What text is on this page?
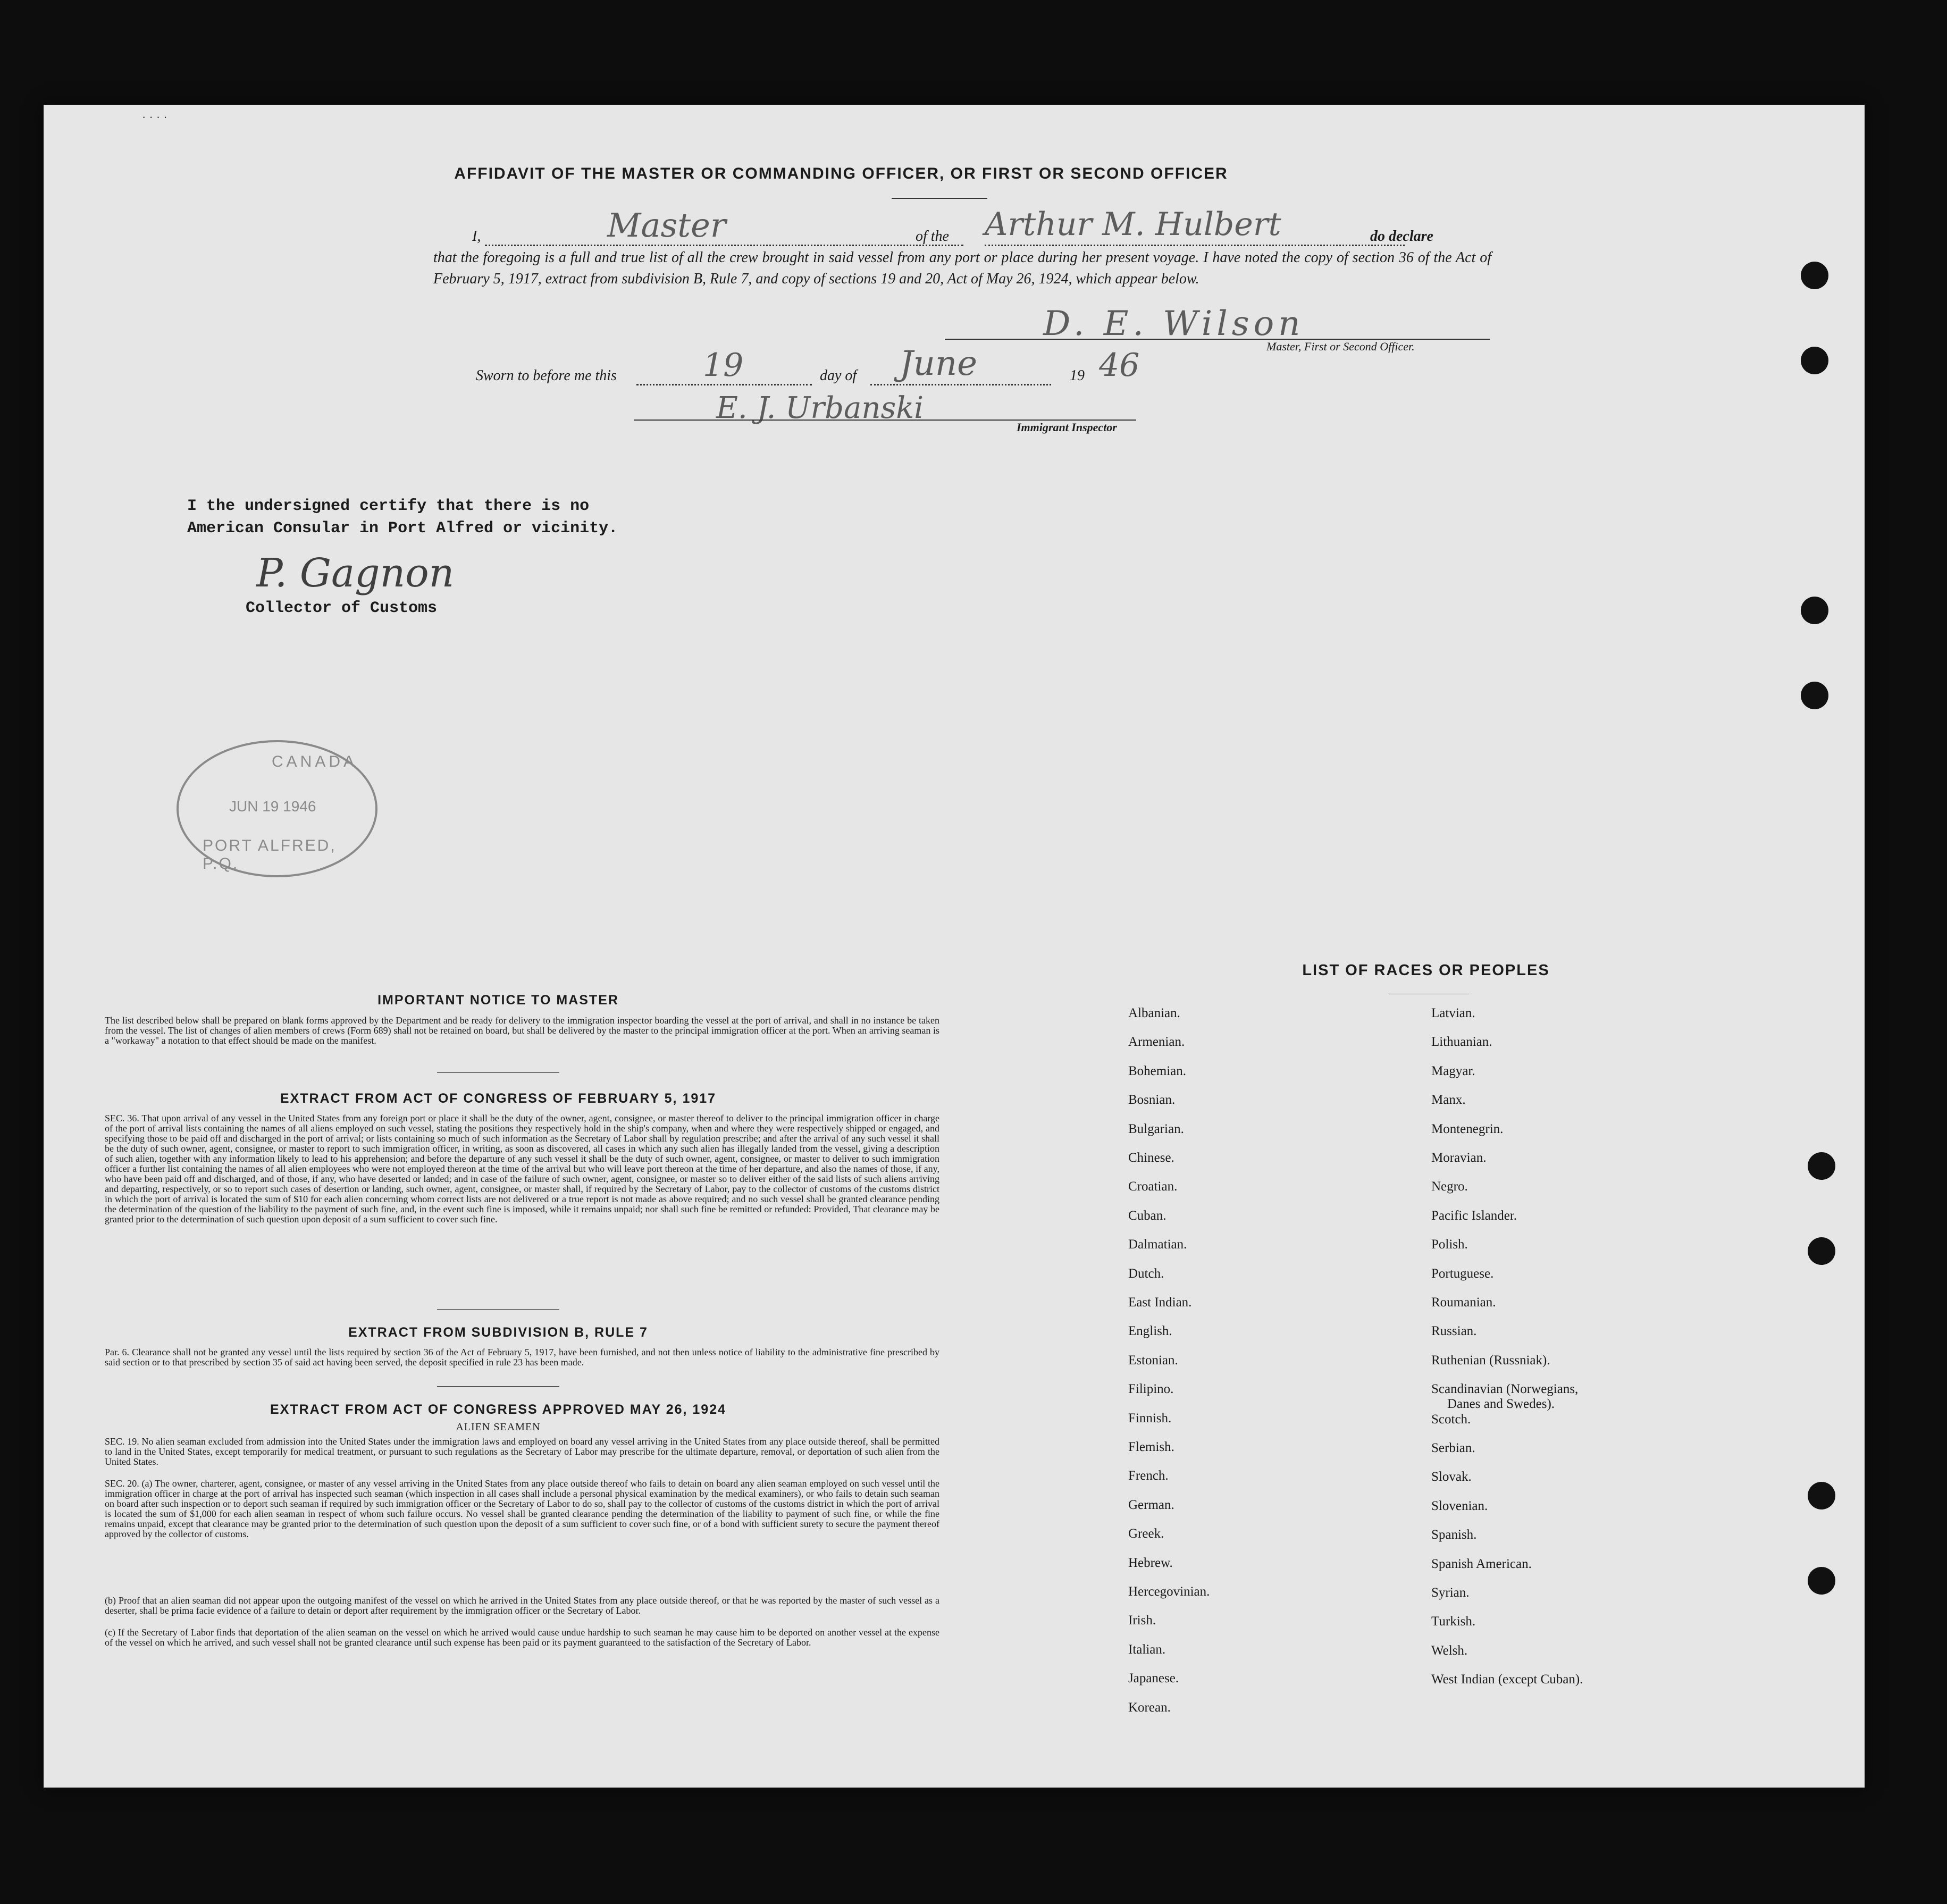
· · · ·
AFFIDAVIT OF THE MASTER OR COMMANDING OFFICER, OR FIRST OR SECOND OFFICER
I,	Master	of the Arthur M. Hulbert	do declare
that the foregoing is a full and true list of all the crew brought in said vessel from any port or place during her present voyage. I have noted the copy of section 36 of the Act of February 5, 1917, extract from subdivision B, Rule 7, and copy of sections 19 and 20, Act of May 26, 1924, which appear below.
D. E. Wilson
Master, First or Second Officer.
Sworn to before me this	19	day of June	19 46
E. J. Urbanski
Immigrant Inspector
I the undersigned certify that there is no
American Consular in Port Alfred or vicinity.
P. Gagnon
Collector of Customs
CANADA
JUN 19 1946
PORT ALFRED, P.Q.
IMPORTANT NOTICE TO MASTER
The list described below shall be prepared on blank forms approved by the Department and be ready for delivery to the immigration inspector boarding the vessel at the port of arrival, and shall in no instance be taken from the vessel. The list of changes of alien members of crews (Form 689) shall not be retained on board, but shall be delivered by the master to the principal immigration officer at the port. When an arriving seaman is a "workaway" a notation to that effect should be made on the manifest.
EXTRACT FROM ACT OF CONGRESS OF FEBRUARY 5, 1917
SEC. 36. That upon arrival of any vessel in the United States from any foreign port or place it shall be the duty of the owner, agent, consignee, or master thereof to deliver to the principal immigration officer in charge of the port of arrival lists containing the names of all aliens employed on such vessel, stating the positions they respectively hold in the ship's company, when and where they were respectively shipped or engaged, and specifying those to be paid off and discharged in the port of arrival; or lists containing so much of such information as the Secretary of Labor shall by regulation prescribe; and after the arrival of any such vessel it shall be the duty of such owner, agent, consignee, or master to report to such immigration officer, in writing, as soon as discovered, all cases in which any such alien has illegally landed from the vessel, giving a description of such alien, together with any information likely to lead to his apprehension; and before the departure of any such vessel it shall be the duty of such owner, agent, consignee, or master to deliver to such immigration officer a further list containing the names of all alien employees who were not employed thereon at the time of the arrival but who will leave port thereon at the time of her departure, and also the names of those, if any, who have been paid off and discharged, and of those, if any, who have deserted or landed; and in case of the failure of such owner, agent, consignee, or master so to deliver either of the said lists of such aliens arriving and departing, respectively, or so to report such cases of desertion or landing, such owner, agent, consignee, or master shall, if required by the Secretary of Labor, pay to the collector of customs of the customs district in which the port of arrival is located the sum of $10 for each alien concerning whom correct lists are not delivered or a true report is not made as above required; and no such vessel shall be granted clearance pending the determination of the question of the liability to the payment of such fine, and, in the event such fine is imposed, while it remains unpaid; nor shall such fine be remitted or refunded: Provided, That clearance may be granted prior to the determination of such question upon deposit of a sum sufficient to cover such fine.
EXTRACT FROM SUBDIVISION B, RULE 7
Par. 6. Clearance shall not be granted any vessel until the lists required by section 36 of the Act of February 5, 1917, have been furnished, and not then unless notice of liability to the administrative fine prescribed by said section or to that prescribed by section 35 of said act having been served, the deposit specified in rule 23 has been made.
EXTRACT FROM ACT OF CONGRESS APPROVED MAY 26, 1924
ALIEN SEAMEN
SEC. 19. No alien seaman excluded from admission into the United States under the immigration laws and employed on board any vessel arriving in the United States from any place outside thereof, shall be permitted to land in the United States, except temporarily for medical treatment, or pursuant to such regulations as the Secretary of Labor may prescribe for the ultimate departure, removal, or deportation of such alien from the United States.
SEC. 20. (a) The owner, charterer, agent, consignee, or master of any vessel arriving in the United States from any place outside thereof who fails to detain on board any alien seaman employed on such vessel until the immigration officer in charge at the port of arrival has inspected such seaman (which inspection in all cases shall include a personal physical examination by the medical examiners), or who fails to detain such seaman on board after such inspection or to deport such seaman if required by such immigration officer or the Secretary of Labor to do so, shall pay to the collector of customs of the customs district in which the port of arrival is located the sum of $1,000 for each alien seaman in respect of whom such failure occurs. No vessel shall be granted clearance pending the determination of the liability to payment of such fine, or while the fine remains unpaid, except that clearance may be granted prior to the determination of such question upon the deposit of a sum sufficient to cover such fine, or of a bond with sufficient surety to secure the payment thereof approved by the collector of customs.
(b) Proof that an alien seaman did not appear upon the outgoing manifest of the vessel on which he arrived in the United States from any place outside thereof, or that he was reported by the master of such vessel as a deserter, shall be prima facie evidence of a failure to detain or deport after requirement by the immigration officer or the Secretary of Labor.
(c) If the Secretary of Labor finds that deportation of the alien seaman on the vessel on which he arrived would cause undue hardship to such seaman he may cause him to be deported on another vessel at the expense of the vessel on which he arrived, and such vessel shall not be granted clearance until such expense has been paid or its payment guaranteed to the satisfaction of the Secretary of Labor.
LIST OF RACES OR PEOPLES
Albanian.
Armenian.
Bohemian.
Bosnian.
Bulgarian.
Chinese.
Croatian.
Cuban.
Dalmatian.
Dutch.
East Indian.
English.
Estonian.
Filipino.
Finnish.
Flemish.
French.
German.
Greek.
Hebrew.
Hercegovinian.
Irish.
Italian.
Japanese.
Korean.
Latvian.
Lithuanian.
Magyar.
Manx.
Montenegrin.
Moravian.
Negro.
Pacific Islander.
Polish.
Portuguese.
Roumanian.
Russian.
Ruthenian (Russniak).
Scandinavian (Norwegians,
Scotch.
Serbian.
Slovak.
Slovenian.
Spanish.
Spanish American.
Syrian.
Turkish.
Welsh.
West Indian (except Cuban).
Danes and Swedes).
